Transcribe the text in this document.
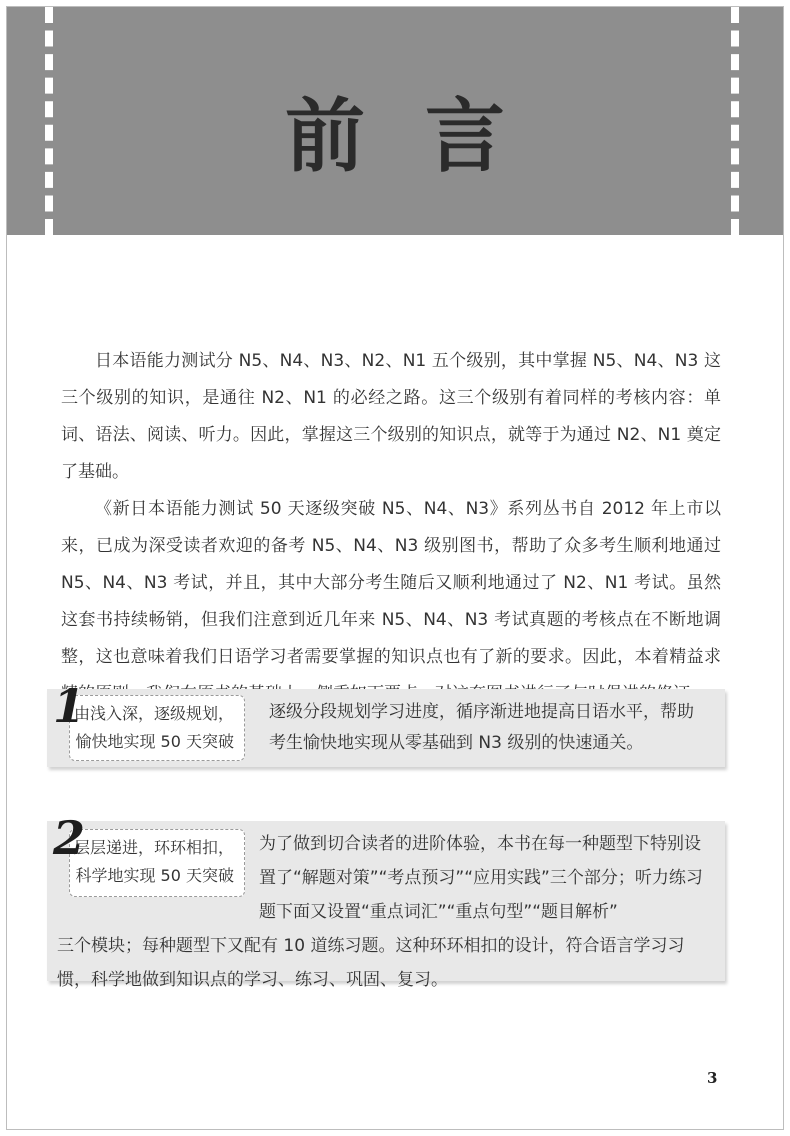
前言

日本语能力测试分 N5、N4、N3、N2、N1 五个级别，其中掌握 N5、N4、N3 这三个级别的知识，是通往 N2、N1 的必经之路。这三个级别有着同样的考核内容：单词、语法、阅读、听力。因此，掌握这三个级别的知识点，就等于为通过 N2、N1 奠定了基础。

《新日本语能力测试 50 天逐级突破 N5、N4、N3》系列丛书自 2012 年上市以来，已成为深受读者欢迎的备考 N5、N4、N3 级别图书，帮助了众多考生顺利地通过 N5、N4、N3 考试，并且，其中大部分考生随后又顺利地通过了 N2、N1 考试。虽然这套书持续畅销，但我们注意到近几年来 N5、N4、N3 考试真题的考核点在不断地调整，这也意味着我们日语学习者需要掌握的知识点也有了新的要求。因此，本着精益求

由浅入深，逐级规划，
愉快地实现 50 天突破
1	逐级分段规划学习进度，循序渐进地提高日语水平，帮助考生愉快地实现从零基础到 N3 级别的快速通关。
层层递进，环环相扣，
科学地实现 50 天突破
2	为了做到切合读者的进阶体验，本书在每一种题型下特别设置了“解题对策”“考点预习”“应用实践”三个部分；听力练习题下面又设置“重点词汇”“重点句型”“题目解析”
三个模块；每种题型下又配有 10 道练习题。这种环环相扣的设计，符合语言学习习惯，科学地做到知识点的学习、练习、巩固、复习。
3
